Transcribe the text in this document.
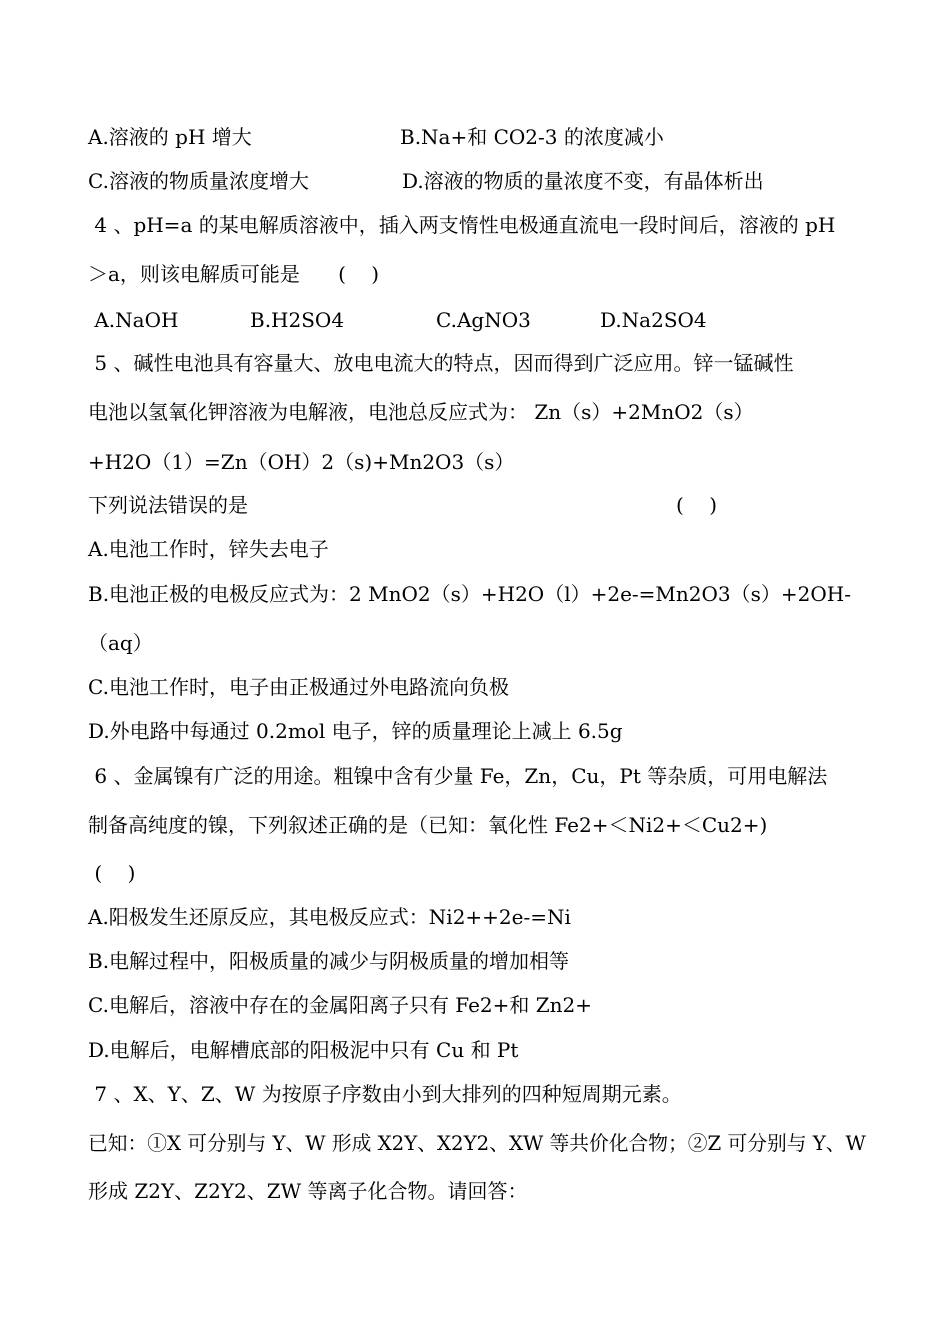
A.溶液的 pH 增大	B.Na+和 CO2-3 的浓度减小
C.溶液的物质量浓度增大	D.溶液的物质的量浓度不变，有晶体析出
4 、pH=a 的某电解质溶液中，插入两支惰性电极通直流电一段时间后，溶液的 pH
＞a，则该电解质可能是      (    )
A.NaOH	B.H2SO4	C.AgNO3	D.Na2SO4
5 、碱性电池具有容量大、放电电流大的特点，因而得到广泛应用。锌一锰碱性
电池以氢氧化钾溶液为电解液，电池总反应式为： Zn（s）+2MnO2（s）
+H2O（1）=Zn（OH）2（s)+Mn2O3（s）
下列说法错误的是	(    )
A.电池工作时，锌失去电子
B.电池正极的电极反应式为：2 MnO2（s）+H2O（l）+2e-=Mn2O3（s）+2OH-
（aq）
C.电池工作时，电子由正极通过外电路流向负极
D.外电路中每通过 0.2mol 电子，锌的质量理论上减上 6.5g
6 、金属镍有广泛的用途。粗镍中含有少量 Fe，Zn，Cu，Pt 等杂质，可用电解法
制备高纯度的镍，下列叙述正确的是（已知：氧化性 Fe2+＜Ni2+＜Cu2+)
(    )
A.阳极发生还原反应，其电极反应式：Ni2++2e-=Ni
B.电解过程中，阳极质量的减少与阴极质量的增加相等
C.电解后，溶液中存在的金属阳离子只有 Fe2+和 Zn2+
D.电解后，电解槽底部的阳极泥中只有 Cu 和 Pt
7 、X、Y、Z、W 为按原子序数由小到大排列的四种短周期元素。
已知：①X 可分别与 Y、W 形成 X2Y、X2Y2、XW 等共价化合物；②Z 可分别与 Y、W
形成 Z2Y、Z2Y2、ZW 等离子化合物。请回答：
